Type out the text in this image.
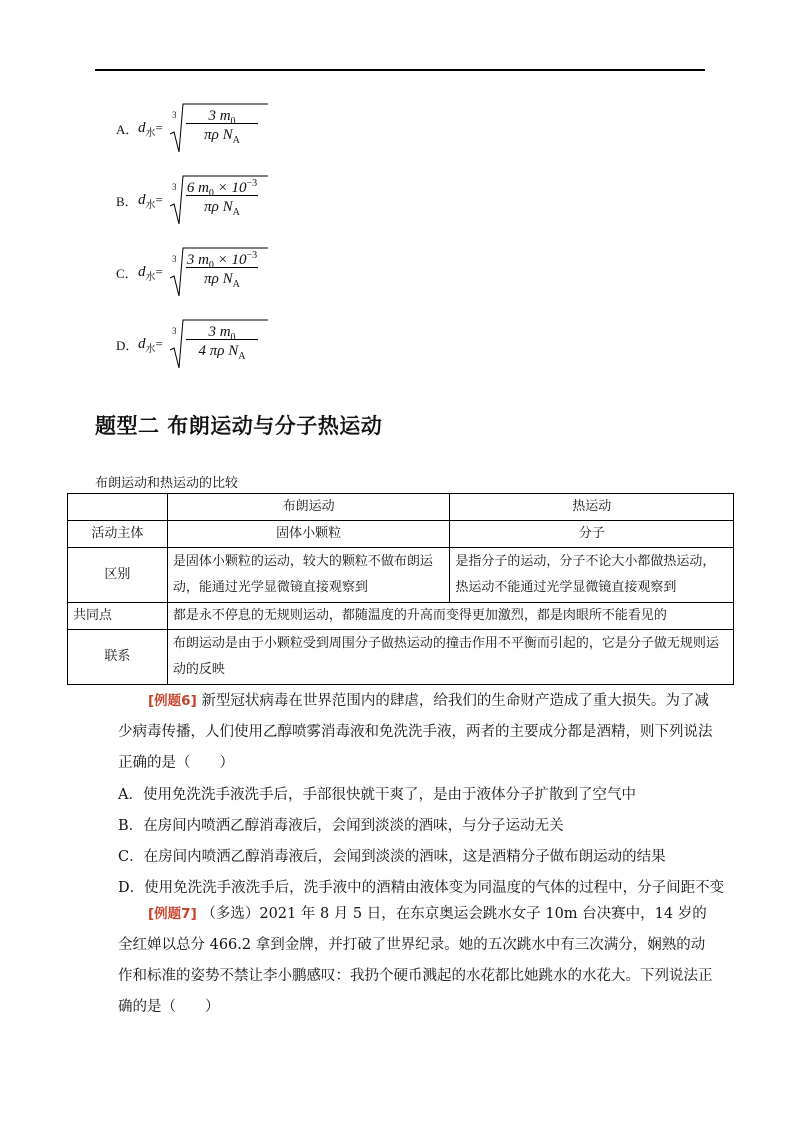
A． $d_水=$
3	3 $m_0$
πρ $N_A$
B． $d_水=$
3 6 $m_0 \times 10^{-3}$
πρ $N_A$
C． $d_水=$
3 3 $m_0 \times 10^{-3}$
πρ $N_A$
D． $d_水=$
3	3 $m_0$
4 πρ $N_A$
题型二 布朗运动与分子热运动
布朗运动和热运动的比较
	布朗运动	热运动
活动主体	固体小颗粒	分子
区别	是固体小颗粒的运动，较大的颗粒不做布朗运动，能通过光学显微镜直接观察到	是指分子的运动，分子不论大小都做热运动，热运动不能通过光学显微镜直接观察到
共同点	都是永不停息的无规则运动，都随温度的升高而变得更加激烈，都是肉眼所不能看见的	
联系	布朗运动是由于小颗粒受到周围分子做热运动的撞击作用不平衡而引起的，它是分子做无规则运动的反映	
[例题6] 新型冠状病毒在世界范围内的肆虐，给我们的生命财产造成了重大损失。为了减少病毒传播，人们使用乙醇喷雾消毒液和免洗洗手液，两者的主要成分都是酒精，则下列说法正确的是（　　）
A．使用免洗洗手液洗手后，手部很快就干爽了，是由于液体分子扩散到了空气中
B．在房间内喷洒乙醇消毒液后，会闻到淡淡的酒味，与分子运动无关
C．在房间内喷洒乙醇消毒液后，会闻到淡淡的酒味，这是酒精分子做布朗运动的结果
D．使用免洗洗手液洗手后，洗手液中的酒精由液体变为同温度的气体的过程中，分子间距不变
[例题7] （多选）2021 年 8 月 5 日，在东京奥运会跳水女子 10m 台决赛中，14 岁的全红婵以总分 466.2 拿到金牌，并打破了世界纪录。她的五次跳水中有三次满分，娴熟的动作和标准的姿势不禁让李小鹏感叹：我扔个硬币溅起的水花都比她跳水的水花大。下列说法正确的是（　　）
